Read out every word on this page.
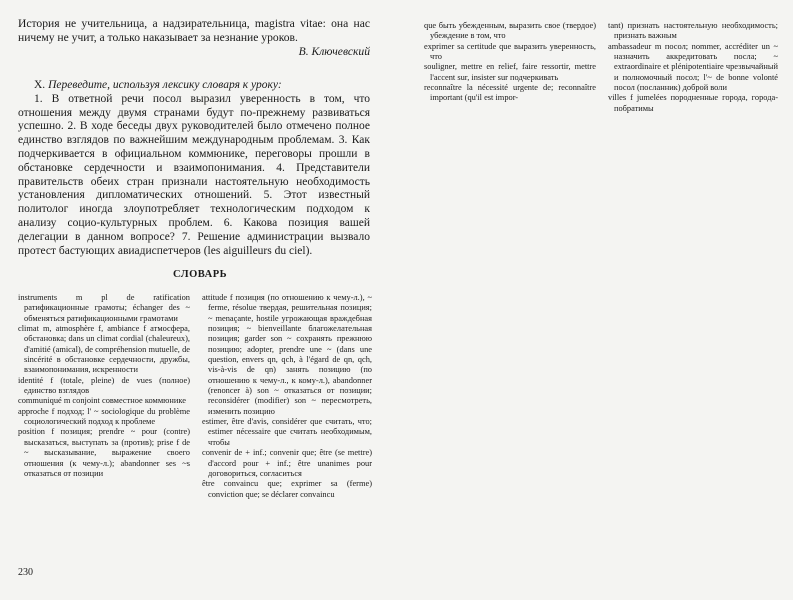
История не учительница, а надзирательница, magistra vitae: она нас ничему не учит, а только наказывает за незнание уроков.
В. Ключевский
X. Переведите, используя лексику словаря к уроку:

1. В ответной речи посол выразил уверенность в том, что отношения между двумя странами будут по-прежнему развиваться успешно. 2. В ходе беседы двух руководителей было отмечено полное единство взглядов по важнейшим международным проблемам. 3. Как подчеркивается в официальном коммюнике, переговоры прошли в обстановке сердечности и взаимопонимания. 4. Представители правительств обеих стран признали настоятельную необходимость установления дипломатических отношений. 5. Этот известный политолог иногда злоупотребляет технологическим подходом к анализу социо-культурных проблем. 6. Какова позиция вашей делегации в данном вопросе? 7. Решение администрации вызвало протест бастующих авиадиспетчеров (les aiguilleurs du ciel).

СЛОВАРЬ

instruments m pl de ratification ратификационные грамоты; échanger des ~ обменяться ратификационными грамотами

climat m, atmosphère f, ambiance f атмосфера, обстановка; dans un climat cordial (chaleureux), d'amitié (amical), de compréhension mutuelle, de sincérité в обстановке сердечности, дружбы, взаимопонимания, искренности

identité f (totale, pleine) de vues (полное) единство взглядов

communiqué m conjoint совместное коммюнике

approche f подход; l' ~ sociologique du problème социологический подход к проблеме

position f позиция; prendre ~ pour (contre) высказаться, выступать за (против); prise f de ~ высказывание, выражение своего отношения (к чему-л.); abandonner ses ~s отказаться от позиции

attitude f позиция (по отношению к чему-л.), ~ ferme, résolue твердая, решительная позиция; ~ menaçante, hostile угрожающая враждебная позиция; ~ bienveillante благожелательная позиция; garder son ~ сохранять прежнюю позицию; adopter, prendre une ~ (dans une question, envers qn, qch, à l'égard de qn, qch, vis-à-vis de qn) занять позицию (по отношению к чему-л., к кому-л.), abandonner (renoncer à) son ~ отказаться от позиции; reconsidérer (modifier) son ~ пересмотреть, изменить позицию

estimer, être d'avis, considérer que считать, что; estimer nécessaire que считать необходимым, чтобы

convenir de + inf.; convenir que; être (se mettre) d'accord pour + inf.; être unanimes pour договориться, согласиться

être convaincu que; exprimer sa (ferme) conviction que; se déclarer convaincu

230

que быть убежденным, выразить свое (твердое) убеждение в том, что

exprimer sa certitude que выразить уверенность, что

souligner, mettre en relief, faire ressortir, mettre l'accent sur, insister sur подчеркивать

reconnaître la nécessité urgente de; reconnaître important (qu'il est impor-

tant) признать настоятельную необходимость; признать важным

ambassadeur m посол; nommer, accréditer un ~ назначить аккредитовать посла; ~ extraordinaire et plénipotentiaire чрезвычайный и полномочный посол; l'~ de bonne volonté посол (посланник) доброй воли

villes f jumelées породненные города, города-побратимы
